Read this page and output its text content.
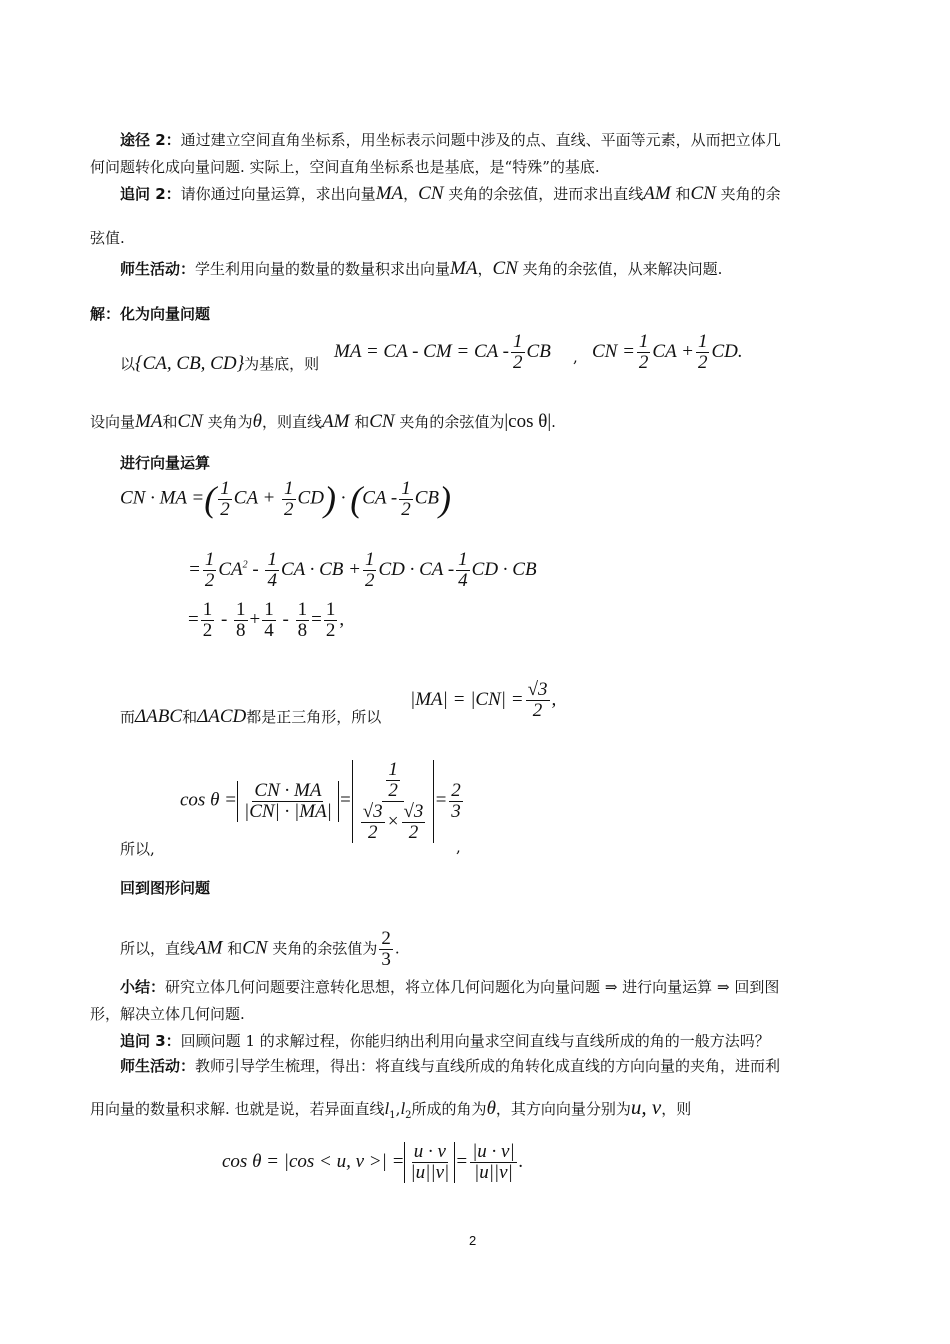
途径 2：通过建立空间直角坐标系，用坐标表示问题中涉及的点、直线、平面等元素，从而把立体几
何问题转化成向量问题. 实际上，空间直角坐标系也是基底，是“特殊”的基底.
追问 2：请你通过向量运算，求出向量MA，CN 夹角的余弦值，进而求出直线AM 和CN 夹角的余
弦值.
师生活动：学生利用向量的数量的数量积求出向量MA，CN 夹角的余弦值，从来解决问题.
解：化为向量问题
以{CA, CB, CD}为基底，则
MA = CA - CM = CA - $\frac{1}{2}$ CB , CN = $\frac{1}{2}$ CA + $\frac{1}{2}$ CD.
设向量MA和CN 夹角为θ，则直线AM 和CN 夹角的余弦值为|cos θ|.
进行向量运算
CN · MA =( $\frac{1}{2}$ CA + $\frac{1}{2} CD) \cdot (CA - \frac{1}{2} CB)$
= $\frac{1}{2} CA^2 - \frac{1}{4}$ CA · CB + $\frac{1}{2}$ CD · CA - $\frac{1}{4}$ CD · CB
= $\frac{1}{2} - \frac{1}{8} + \frac{1}{4} - \frac{1}{8} = \frac{1}{2}$ ,
而ΔABC和ΔACD都是正三角形，所以
$|MA| = |CN| = \frac{√3}{2}$ ,
$\cos \theta = \frac{CN \cdot MA}{|CN| \cdot |MA|} = \frac{\frac{1}{2}}{\frac{√3}{2} \times \frac{√3}{2}} = \frac{2}{3}$
所以,	,
回到图形问题
所以，直线AM 和CN 夹角的余弦值为 $\frac{2}{3}$ .
小结：研究立体几何问题要注意转化思想，将立体几何问题化为向量问题 ⇒ 进行向量运算 ⇒ 回到图
形，解决立体几何问题.
追问 3：回顾问题 1 的求解过程，你能归纳出利用向量求空间直线与直线所成的角的一般方法吗？
师生活动：教师引导学生梳理，得出：将直线与直线所成的角转化成直线的方向向量的夹角，进而利
用向量的数量积求解. 也就是说，若异面直线$l_1,l_2$所成的角为θ，其方向向量分别为u, v，则
cos θ = |cos < u, v >| = $\frac{u \cdot v}{|u||v|} = \frac{|u \cdot v|}{|u||v|}$ .
2
